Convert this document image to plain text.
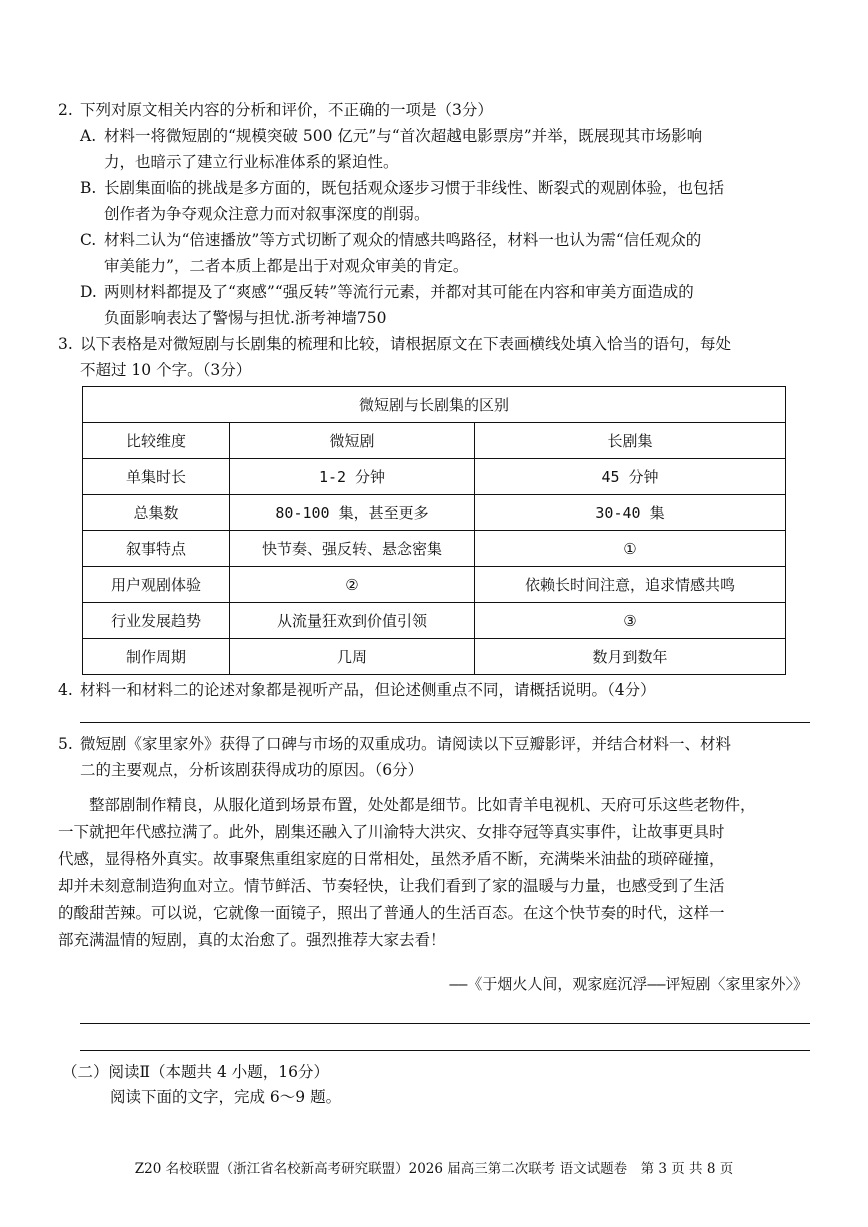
2. 下列对原文相关内容的分析和评价，不正确的一项是（3分）
A. 材料一将微短剧的“规模突破 500 亿元”与“首次超越电影票房”并举，既展现其市场影响
力，也暗示了建立行业标准体系的紧迫性。
B. 长剧集面临的挑战是多方面的，既包括观众逐步习惯于非线性、断裂式的观剧体验，也包括
创作者为争夺观众注意力而对叙事深度的削弱。
C. 材料二认为“倍速播放”等方式切断了观众的情感共鸣路径，材料一也认为需“信任观众的
审美能力”，二者本质上都是出于对观众审美的肯定。
D. 两则材料都提及了“爽感”“强反转”等流行元素，并都对其可能在内容和审美方面造成的
负面影响表达了警惕与担忧.浙考神墙750
3. 以下表格是对微短剧与长剧集的梳理和比较，请根据原文在下表画横线处填入恰当的语句，每处
不超过 10 个字。（3分）
微短剧与长剧集的区别		
比较维度	微短剧	长剧集
单集时长	1-2 分钟	45 分钟
总集数	80-100 集，甚至更多	30-40 集
叙事特点	快节奏、强反转、悬念密集	①
用户观剧体验	②	依赖长时间注意，追求情感共鸣
行业发展趋势	从流量狂欢到价值引领	③
制作周期	几周	数月到数年
4. 材料一和材料二的论述对象都是视听产品，但论述侧重点不同，请概括说明。（4分）
5. 微短剧《家里家外》获得了口碑与市场的双重成功。请阅读以下豆瓣影评，并结合材料一、材料
二的主要观点，分析该剧获得成功的原因。（6分）
　　整部剧制作精良，从服化道到场景布置，处处都是细节。比如青羊电视机、天府可乐这些老物件，
一下就把年代感拉满了。此外，剧集还融入了川渝特大洪灾、女排夺冠等真实事件，让故事更具时
代感，显得格外真实。故事聚焦重组家庭的日常相处，虽然矛盾不断，充满柴米油盐的琐碎碰撞，
却并未刻意制造狗血对立。情节鲜活、节奏轻快，让我们看到了家的温暖与力量，也感受到了生活
的酸甜苦辣。可以说，它就像一面镜子，照出了普通人的生活百态。在这个快节奏的时代，这样一
部充满温情的短剧，真的太治愈了。强烈推荐大家去看！
——《于烟火人间，观家庭沉浮——评短剧〈家里家外〉》
（二）阅读Ⅱ（本题共 4 小题，16分）
阅读下面的文字，完成 6～9 题。
Z20 名校联盟（浙江省名校新高考研究联盟）2026 届高三第二次联考 语文试题卷　第 3 页 共 8 页
